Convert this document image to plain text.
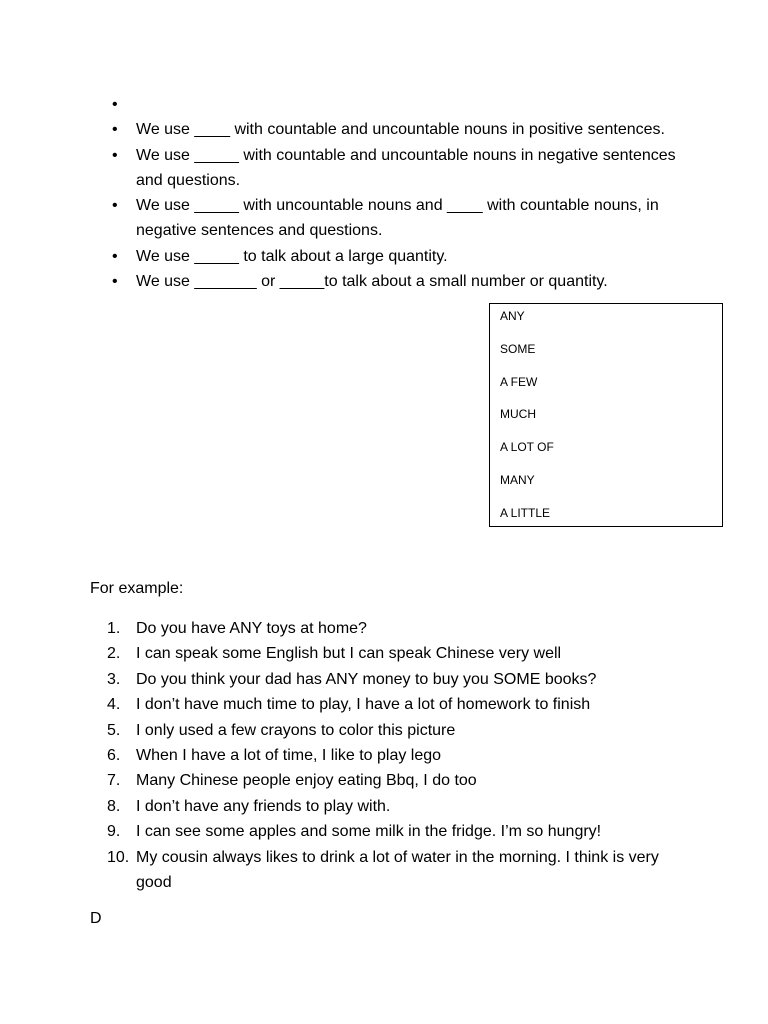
•

•	We use ____ with countable and uncountable nouns in positive sentences.
•	We use _____ with countable and uncountable nouns in negative sentences and questions.
•	We use _____ with uncountable nouns and ____ with countable nouns, in negative sentences and questions.
•	We use _____ to talk about a large quantity.
•	We use _______ or _____to talk about a small number or quantity.
ANY
SOME
A FEW
MUCH
A LOT OF
MANY
A LITTLE
For example:
1. Do you have ANY toys at home?
2. I can speak some English but I can speak Chinese very well
3. Do you think your dad has ANY money to buy you SOME books?
4. I don’t have much time to play, I have a lot of homework to finish
5. I only used a few crayons to color this picture
6. When I have a lot of time, I like to play lego
7. Many Chinese people enjoy eating Bbq, I do too
8. I don’t have any friends to play with.
9. I can see some apples and some milk in the fridge. I’m so hungry!
10. My cousin always likes to drink a lot of water in the morning. I think is very good
D
